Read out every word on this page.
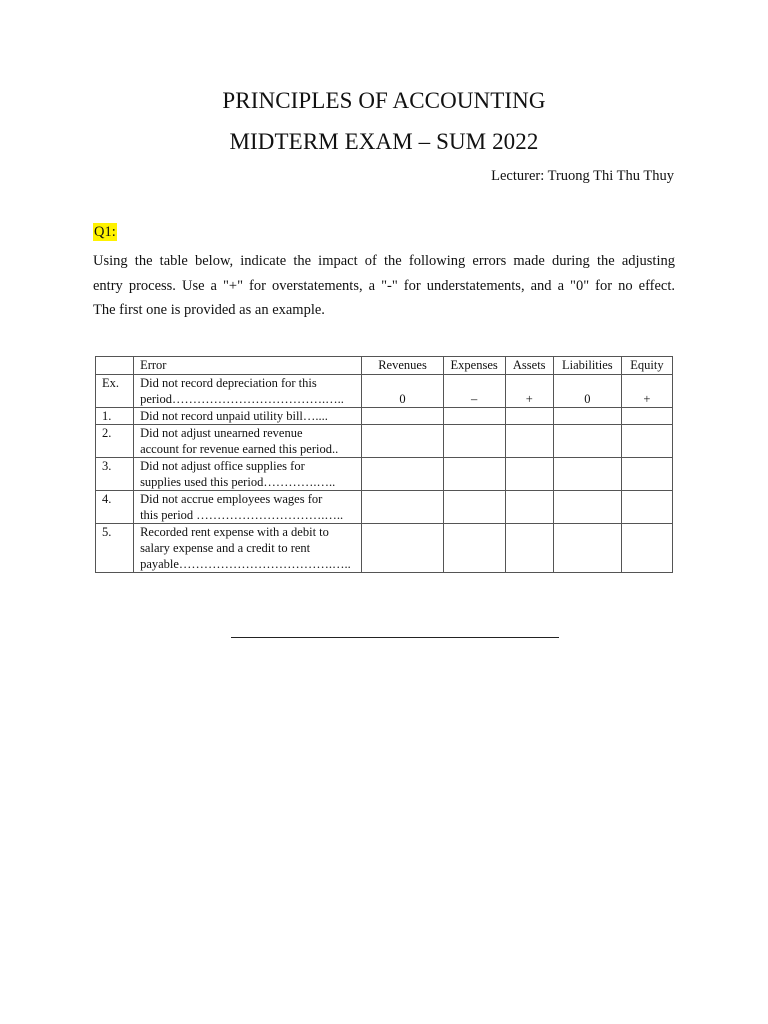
PRINCIPLES OF ACCOUNTING
MIDTERM EXAM – SUM 2022
Lecturer: Truong Thi Thu Thuy
Q1:
Using the table below, indicate the impact of the following errors made during the adjusting
entry process. Use a "+" for overstatements, a "-" for understatements, and a "0" for no effect.
The first one is provided as an example.
	Error	Revenues	Expenses	Assets	Liabilities	Equity
Ex.	Did not record depreciation for this
period……………………………….…..	0	–	+	0	+
1.	Did not record unpaid utility bill…....					

2.	Did not adjust unearned revenue
account for revenue earned this period..					

3.	Did not adjust office supplies for
supplies used this period………….…..					

4.	Did not accrue employees wages for
this period ………………………….…..					

5.	Recorded rent expense with a debit to
salary expense and a credit to rent
payable……………………………….…..					
